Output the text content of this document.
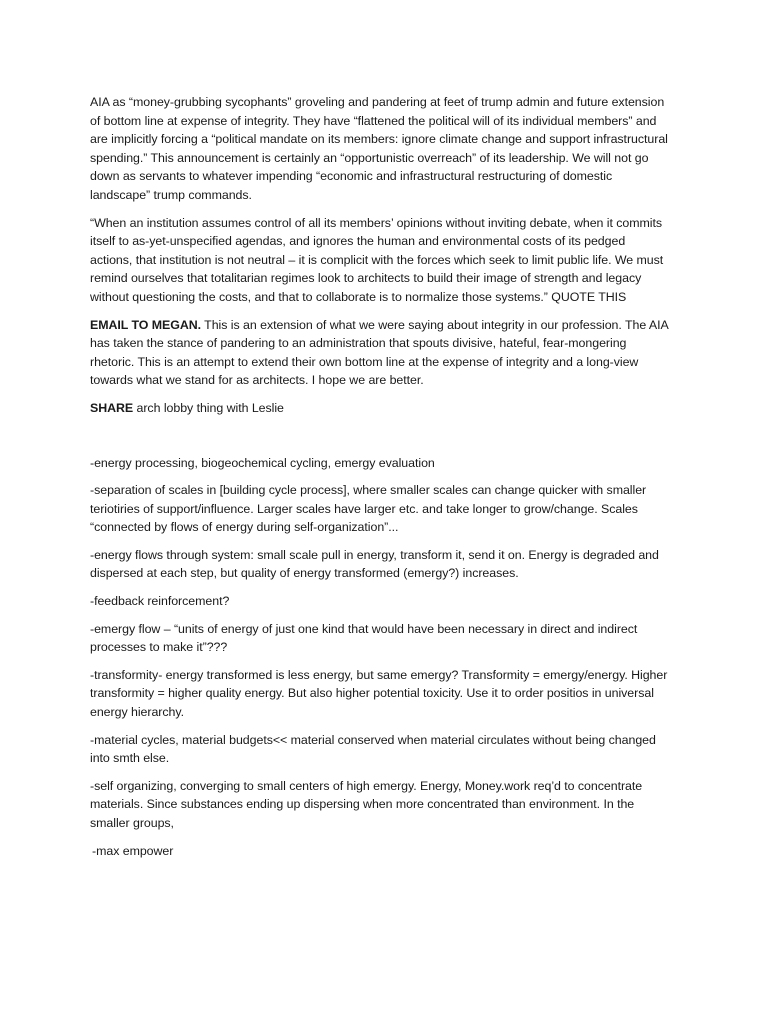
AIA as “money-grubbing sycophants” groveling and pandering at feet of trump admin and future extension of bottom line at expense of integrity. They have “flattened the political will of its individual members” and are implicitly forcing a “political mandate on its members: ignore climate change and support infrastructural spending.” This announcement is certainly an “opportunistic overreach” of its leadership. We will not go down as servants to whatever impending “economic and infrastructural restructuring of domestic landscape” trump commands.

“When an institution assumes control of all its members’ opinions without inviting debate, when it commits itself to as-yet-unspecified agendas, and ignores the human and environmental costs of its pedged actions, that institution is not neutral – it is complicit with the forces which seek to limit public life. We must remind ourselves that totalitarian regimes look to architects to build their image of strength and legacy without questioning the costs, and that to collaborate is to normalize those systems.” QUOTE THIS

EMAIL TO MEGAN. This is an extension of what we were saying about integrity in our profession. The AIA has taken the stance of pandering to an administration that spouts divisive, hateful, fear-mongering rhetoric. This is an attempt to extend their own bottom line at the expense of integrity and a long-view towards what we stand for as architects. I hope we are better.

SHARE arch lobby thing with Leslie

-energy processing, biogeochemical cycling, emergy evaluation

-separation of scales in [building cycle process], where smaller scales can change quicker with smaller teriotiries of support/influence. Larger scales have larger etc. and take longer to grow/change. Scales “connected by flows of energy during self-organization”...

-energy flows through system: small scale pull in energy, transform it, send it on. Energy is degraded and dispersed at each step, but quality of energy transformed (emergy?) increases.

-feedback reinforcement?

-emergy flow – “units of energy of just one kind that would have been necessary in direct and indirect processes to make it”???

-transformity- energy transformed is less energy, but same emergy? Transformity = emergy/energy. Higher transformity = higher quality energy. But also higher potential toxicity. Use it to order positios in universal energy hierarchy.

-material cycles, material budgets<< material conserved when material circulates without being changed into smth else.

-self organizing, converging to small centers of high emergy. Energy, Money.work req’d to concentrate materials. Since substances ending up dispersing when more concentrated than environment. In the smaller groups,

-max empower
